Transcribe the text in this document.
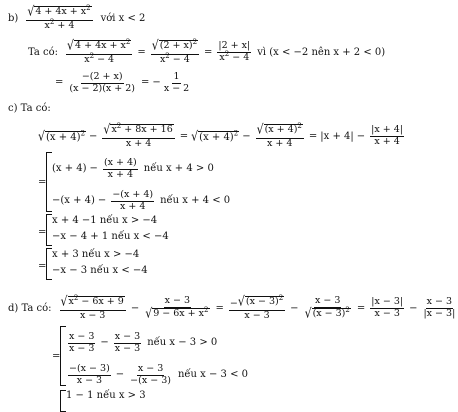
$b) \frac{√ 4 + 4x + x^2}{x^2 + 4}$ với x < 2
Ta có: $\frac{√ 4 + 4x + x^2}{x^2 - 4} = \frac{√ (2 + x)^2}{x^2 - 4} = \frac{|2 + x|}{x^2 - 4}$ vì (x < −2 nên x + 2 < 0)
= $\frac{-(2 + x)}{(x - 2)(x + 2)}$ = − $\frac{1}{x - 2}$
c) Ta có:
√ $(x + 4)^2 - \frac{√ x^2 + 8x + 16}{x + 4}$ = √ $(x + 4)^2 - \frac{√ (x + 4)^2}{x + 4} = |x + 4| - \frac{|x + 4|}{x + 4}$
=
$(x + 4) - \frac{(x + 4)}{x + 4}$ nếu x + 4 > 0
$-(x + 4) - \frac{-(x + 4)}{x + 4}$ nếu x + 4 < 0
=
x + 4 −1 nếu x > −4
−x − 4 + 1 nếu x < −4
=
x + 3 nếu x > −4
−x − 3 nếu x < −4
d) Ta có: $\frac{√ x^2 - 6x + 9}{x - 3} - \frac{x - 3}{√ 9 - 6x + x^2} = \frac{- √ (x - 3)^2}{x - 3} - \frac{x - 3}{√ (x - 3)^2} = \frac{|x - 3|}{x - 3} - \frac{x - 3}{|x - 3|}$
=
$\frac{x - 3}{x - 3} - \frac{x - 3}{x - 3}$ nếu x − 3 > 0
$\frac{-(x - 3)}{x - 3} - \frac{x - 3}{-(x - 3)}$ nếu x − 3 < 0
1 − 1 nếu x > 3
